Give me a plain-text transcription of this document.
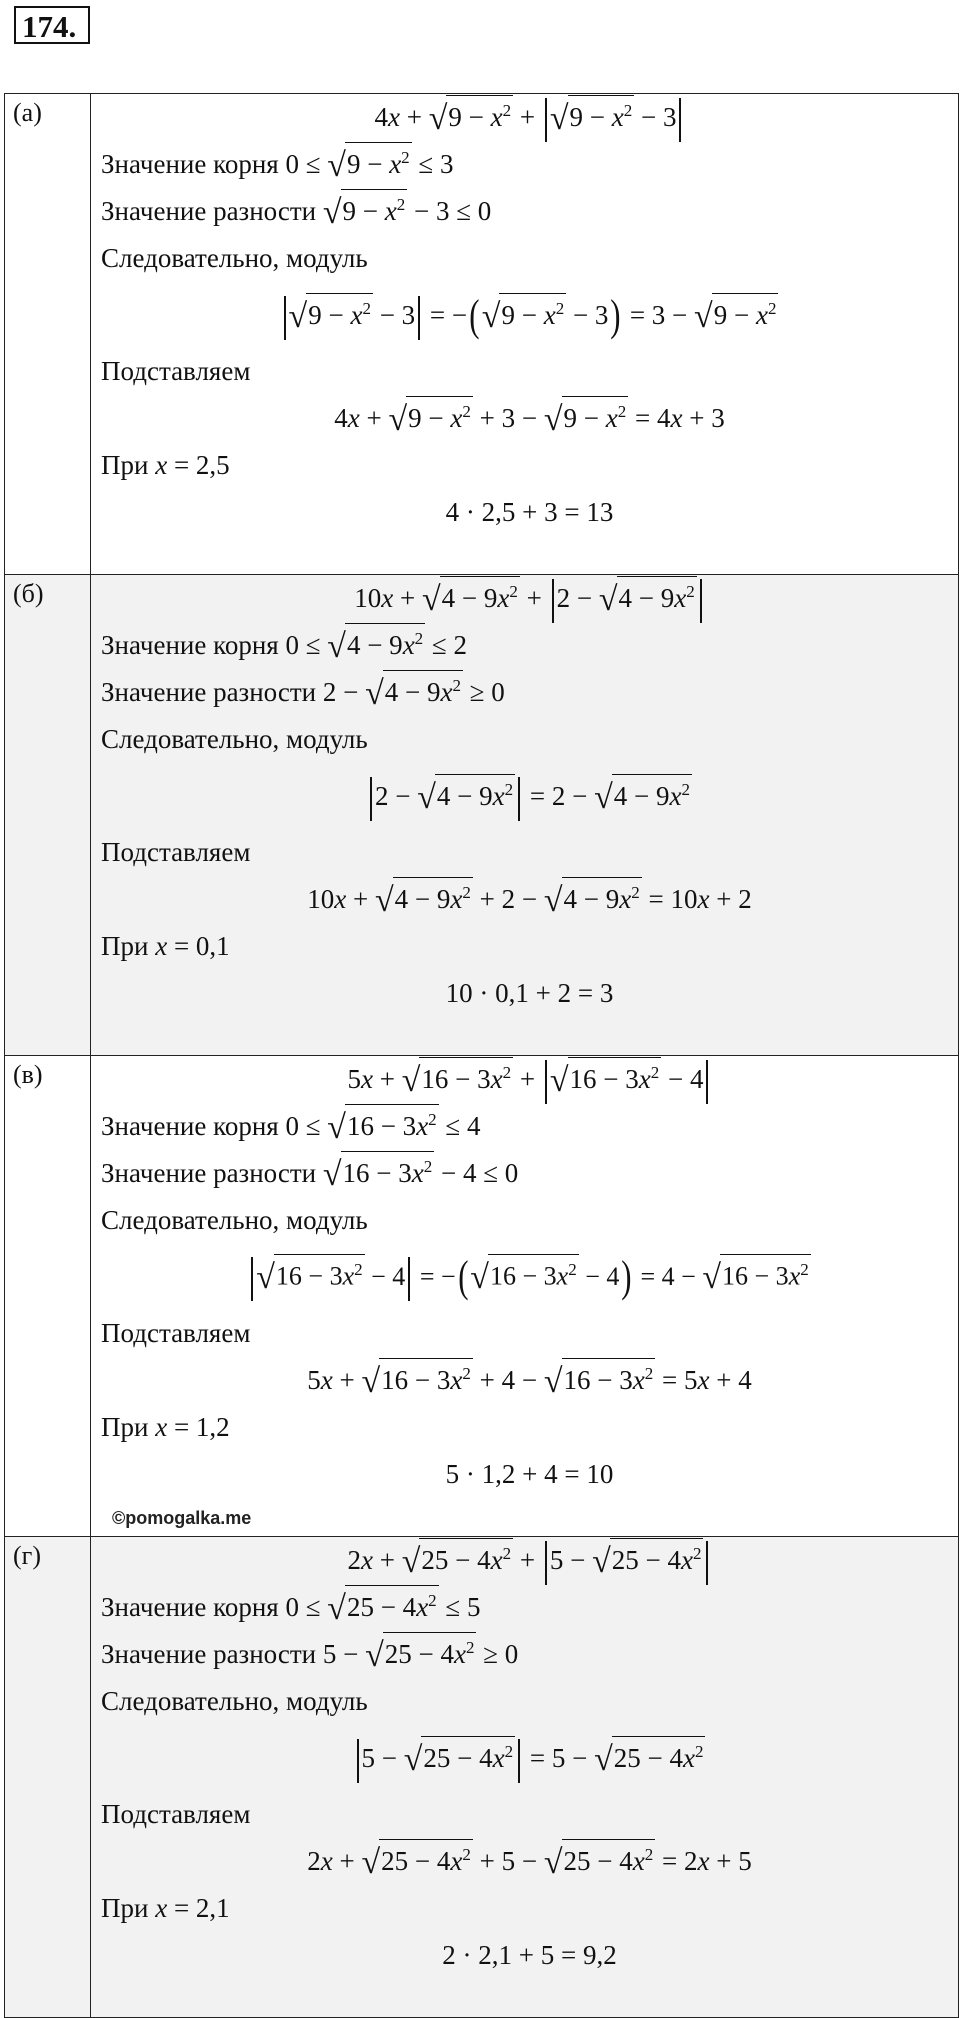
174.
(а)	$4x + √9 - x^2 + √9 - x^2 - 3$
Значение корня $0 \le √9 - x^2 \le 3$
Значение разности $√9 - x^2 - 3 \le 0$
Следовательно, модуль
$√9 - x^2 - 3 = -(√9 - x^2 - 3) = 3 - √9 - x^2$
Подставляем
$4x + √9 - x^2 + 3 - √9 - x^2 = 4x + 3$
При x = 2,5
4 · 2,5 + 3 = 13
(б)	$10x + √4 - 9x^2 + 2 - √4 - 9x^2$
Значение корня $0 \le √4 - 9x^2 \le 2$
Значение разности $2 - √4 - 9x^2 \ge 0$
Следовательно, модуль
$2 - √4 - 9x^2 = 2 - √4 - 9x^2$
Подставляем
$10x + √4 - 9x^2 + 2 - √4 - 9x^2 = 10x + 2$
При x = 0,1
10 · 0,1 + 2 = 3
(в)	$5x + √16 - 3x^2 + √16 - 3x^2 - 4$
Значение корня $0 \le √16 - 3x^2 \le 4$
Значение разности $√16 - 3x^2 - 4 \le 0$
Следовательно, модуль
$√16 - 3x^2 - 4 = -(√16 - 3x^2 - 4) = 4 - √16 - 3x^2$
Подставляем
$5x + √16 - 3x^2 + 4 - √16 - 3x^2 = 5x + 4$
При x = 1,2
5 · 1,2 + 4 = 10
(г)	$2x + √25 - 4x^2 + 5 - √25 - 4x^2$
Значение корня $0 \le √25 - 4x^2 \le 5$
Значение разности $5 - √25 - 4x^2 \ge 0$
Следовательно, модуль
$5 - √25 - 4x^2 = 5 - √25 - 4x^2$
Подставляем
$2x + √25 - 4x^2 + 5 - √25 - 4x^2 = 2x + 5$
При x = 2,1
2 · 2,1 + 5 = 9,2
©pomogalka.me
